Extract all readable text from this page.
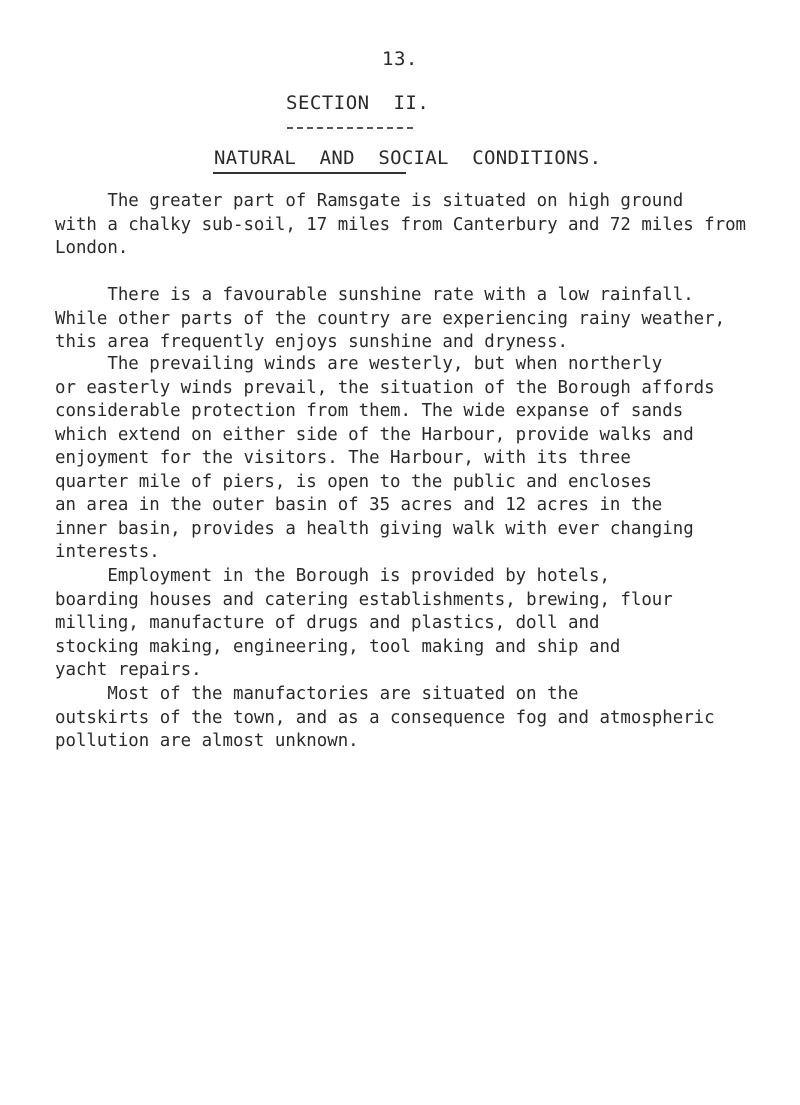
13.
SECTION  II.
NATURAL  AND  SOCIAL  CONDITIONS.

The greater part of Ramsgate is situated on high ground
with a chalky sub-soil, 17 miles from Canterbury and 72 miles from
London.

There is a favourable sunshine rate with a low rainfall.
While other parts of the country are experiencing rainy weather,
this area frequently enjoys sunshine and dryness.

The prevailing winds are westerly, but when northerly
or easterly winds prevail, the situation of the Borough affords
considerable protection from them. The wide expanse of sands
which extend on either side of the Harbour, provide walks and
enjoyment for the visitors. The Harbour, with its three
quarter mile of piers, is open to the public and encloses
an area in the outer basin of 35 acres and 12 acres in the
inner basin, provides a health giving walk with ever changing
interests.

Employment in the Borough is provided by hotels,
boarding houses and catering establishments, brewing, flour
milling, manufacture of drugs and plastics, doll and
stocking making, engineering, tool making and ship and
yacht repairs.

Most of the manufactories are situated on the
outskirts of the town, and as a consequence fog and atmospheric
pollution are almost unknown.
